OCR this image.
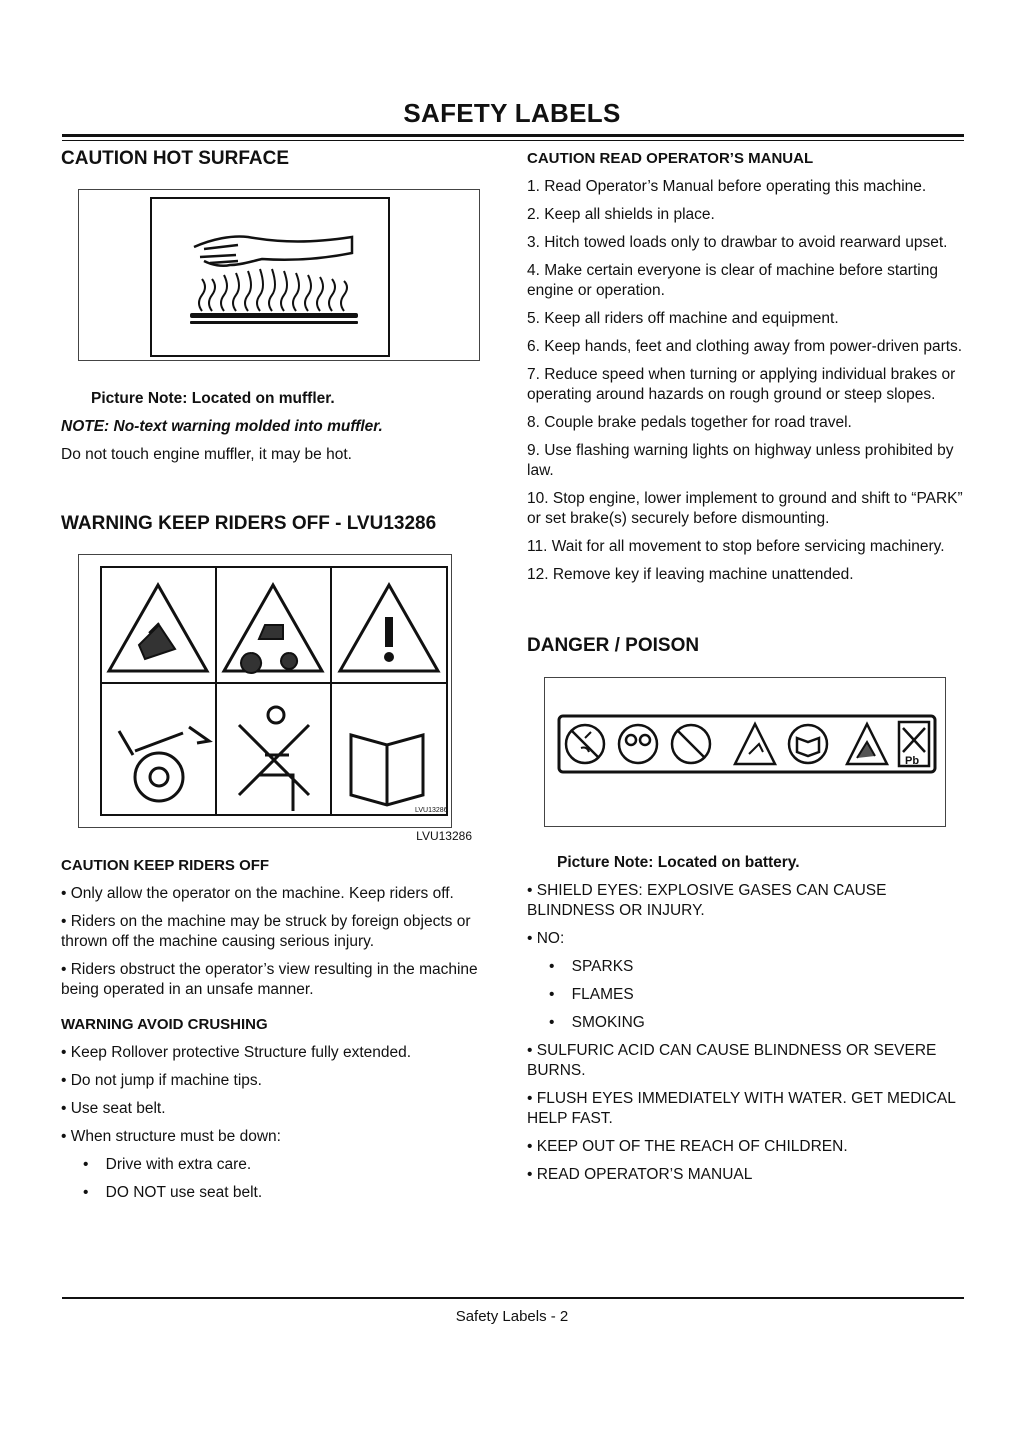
SAFETY LABELS
CAUTION HOT SURFACE

Picture Note: Located on muffler.

NOTE: No-text warning molded into muffler.

Do not touch engine muffler, it may be hot.

WARNING KEEP RIDERS OFF - LVU13286
LVU13286
LVU13286
CAUTION KEEP RIDERS OFF

• Only allow the operator on the machine. Keep riders off.

• Riders on the machine may be struck by foreign objects or thrown off the machine causing serious injury.

• Riders obstruct the operator’s view resulting in the machine being operated in an unsafe manner.

WARNING AVOID CRUSHING

• Keep Rollover protective Structure fully extended.

• Do not jump if machine tips.

• Use seat belt.

• When structure must be down:

•    Drive with extra care.

•    DO NOT use seat belt.

CAUTION READ OPERATOR’S MANUAL

1. Read Operator’s Manual before operating this machine.

2. Keep all shields in place.

3. Hitch towed loads only to drawbar to avoid rearward upset.

4. Make certain everyone is clear of machine before starting engine or operation.

5. Keep all riders off machine and equipment.

6. Keep hands, feet and clothing away from power-driven parts.

7. Reduce speed when turning or applying individual brakes or operating around hazards on rough ground or steep slopes.

8. Couple brake pedals together for road travel.

9. Use flashing warning lights on highway unless prohibited by law.

10. Stop engine, lower implement to ground and shift to “PARK” or set brake(s) securely before dismounting.

11. Wait for all movement to stop before servicing machinery.

12. Remove key if leaving machine unattended.

DANGER / POISON
Pb

Picture Note: Located on battery.

• SHIELD EYES: EXPLOSIVE GASES CAN CAUSE BLINDNESS OR INJURY.

• NO:

•    SPARKS

•    FLAMES

•    SMOKING

• SULFURIC ACID CAN CAUSE BLINDNESS OR SEVERE BURNS.

• FLUSH EYES IMMEDIATELY WITH WATER. GET MEDICAL HELP FAST.

• KEEP OUT OF THE REACH OF CHILDREN.

• READ OPERATOR’S MANUAL

Safety Labels - 2
